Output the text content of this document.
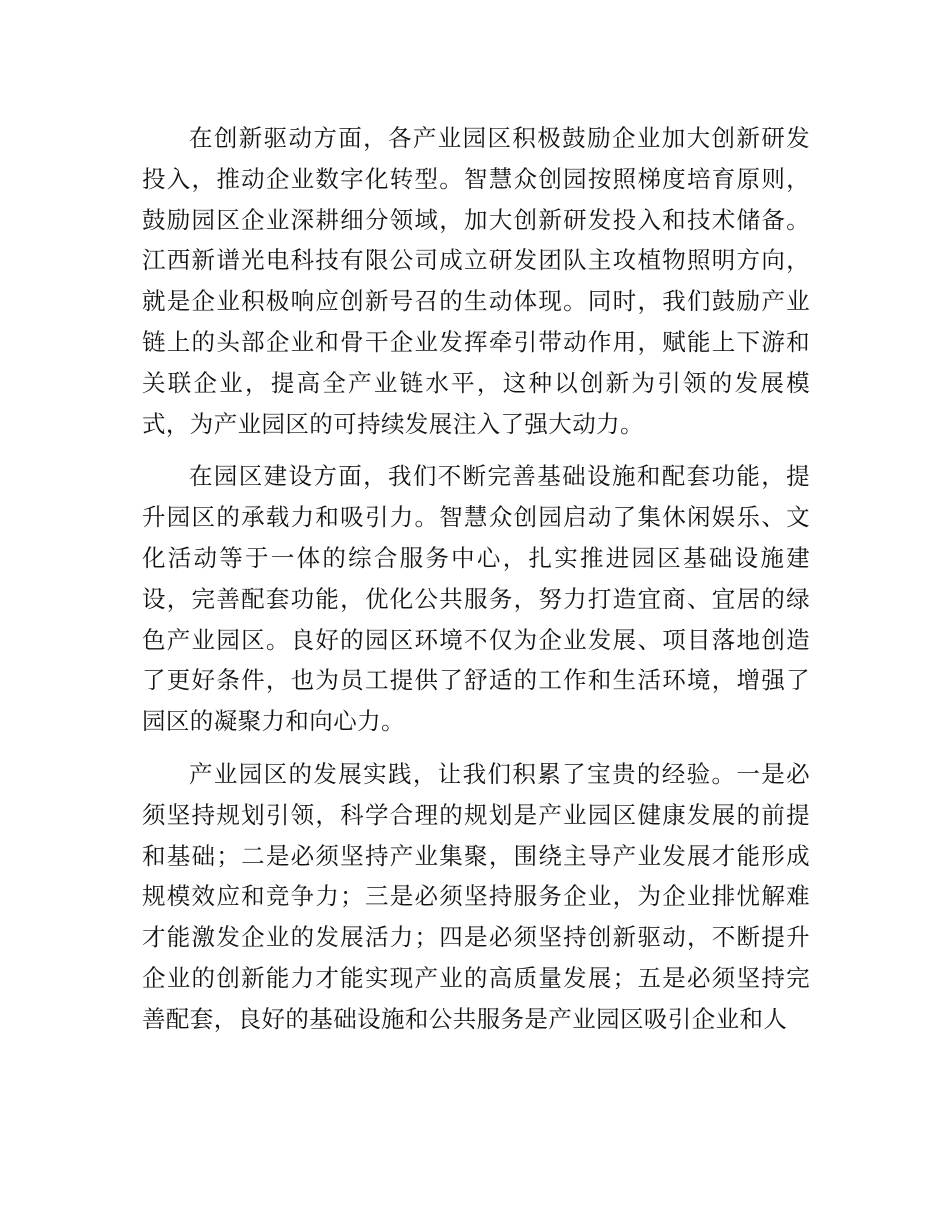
在创新驱动方面，各产业园区积极鼓励企业加大创新研发投入，推动企业数字化转型。智慧众创园按照梯度培育原则，鼓励园区企业深耕细分领域，加大创新研发投入和技术储备。江西新谱光电科技有限公司成立研发团队主攻植物照明方向，就是企业积极响应创新号召的生动体现。同时，我们鼓励产业链上的头部企业和骨干企业发挥牵引带动作用，赋能上下游和关联企业，提高全产业链水平，这种以创新为引领的发展模式，为产业园区的可持续发展注入了强大动力。

在园区建设方面，我们不断完善基础设施和配套功能，提升园区的承载力和吸引力。智慧众创园启动了集休闲娱乐、文化活动等于一体的综合服务中心，扎实推进园区基础设施建设，完善配套功能，优化公共服务，努力打造宜商、宜居的绿色产业园区。良好的园区环境不仅为企业发展、项目落地创造了更好条件，也为员工提供了舒适的工作和生活环境，增强了园区的凝聚力和向心力。

产业园区的发展实践，让我们积累了宝贵的经验。一是必须坚持规划引领，科学合理的规划是产业园区健康发展的前提和基础；二是必须坚持产业集聚，围绕主导产业发展才能形成规模效应和竞争力；三是必须坚持服务企业，为企业排忧解难才能激发企业的发展活力；四是必须坚持创新驱动，不断提升企业的创新能力才能实现产业的高质量发展；五是必须坚持完善配套，良好的基础设施和公共服务是产业园区吸引企业和人
